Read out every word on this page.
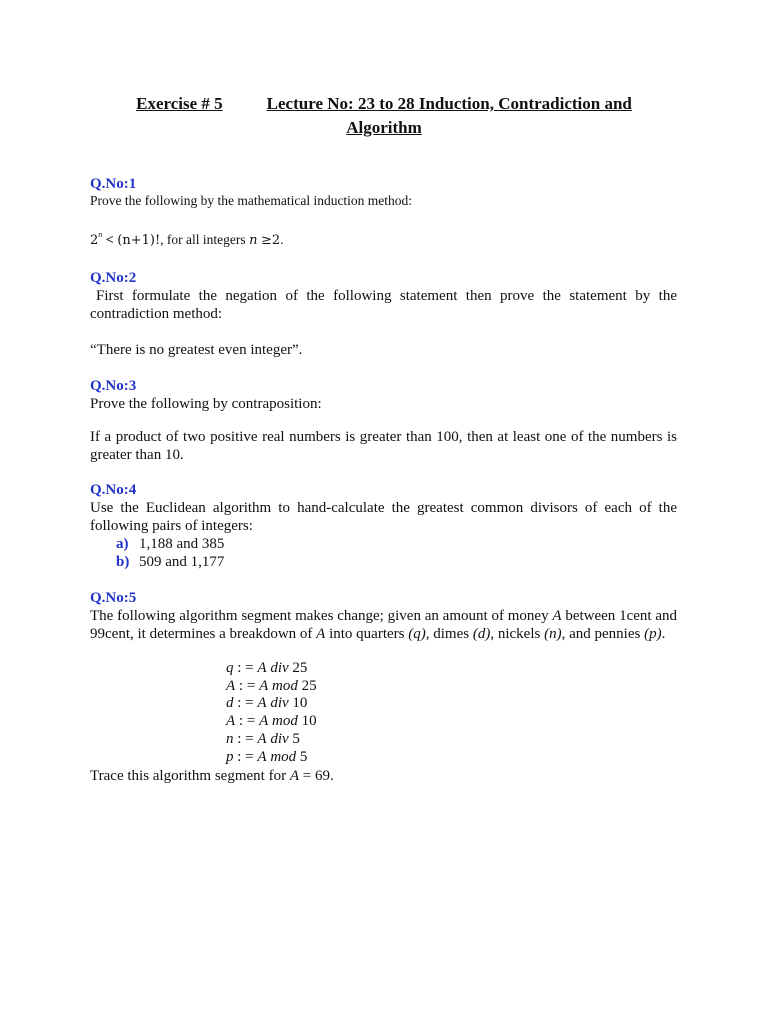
Exercise # 5	Lecture No: 23 to 28 Induction, Contradiction and
Algorithm
Q.No:1
Prove the following by the mathematical induction method:
$2^n < (n+1)$!, for all integers n ≥2.
Q.No:2
First formulate the negation of the following statement then prove the statement by the contradiction method:
“There is no greatest even integer”.
Q.No:3
Prove the following by contraposition:
If a product of two positive real numbers is greater than 100, then at least one of the numbers is greater than 10.
Q.No:4
Use the Euclidean algorithm to hand-calculate the greatest common divisors of each of the following pairs of integers:
a) 1,188 and 385
b) 509 and 1,177
Q.No:5
The following algorithm segment makes change; given an amount of money A between 1cent and 99cent, it determines a breakdown of A into quarters (q), dimes (d), nickels (n), and pennies (p).
q : = A div 25
A : = A mod 25
d : = A div 10
A : = A mod 10
n : = A div 5
p : = A mod 5
Trace this algorithm segment for A = 69.
